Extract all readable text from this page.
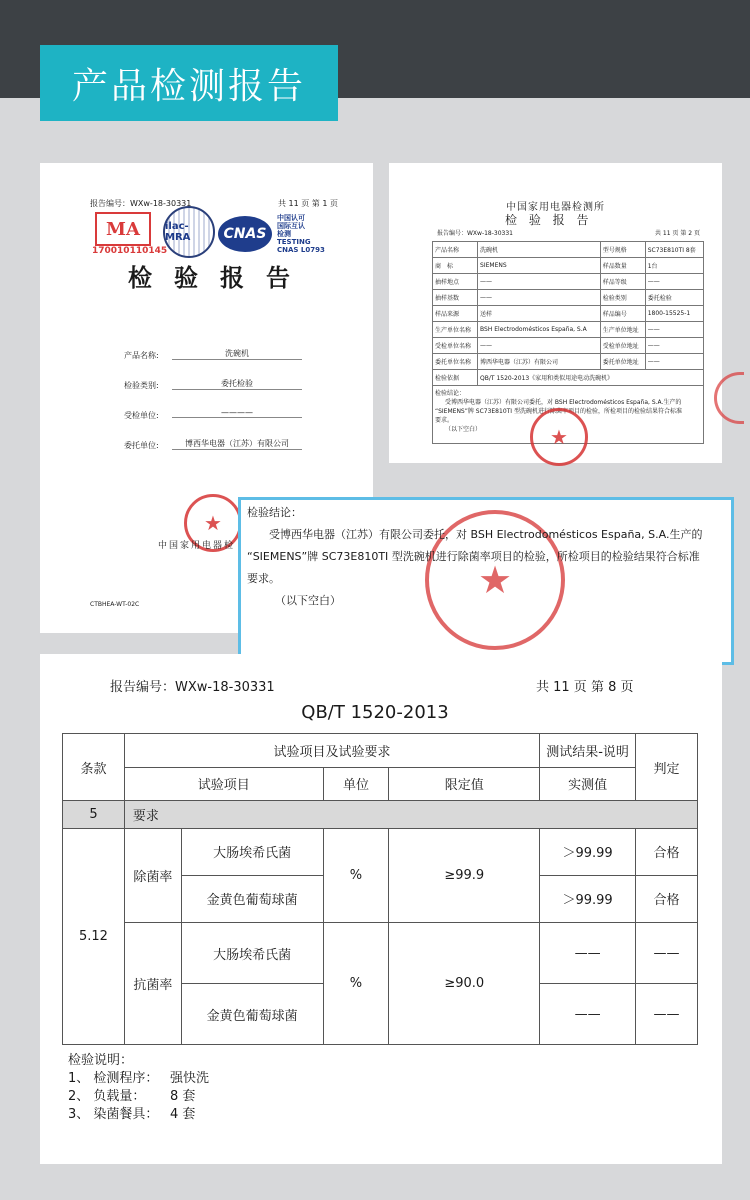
产品检测报告
报告编号：WXw-18-30331	共 11 页 第 1 页
MA
170010110145
ilac-MRA	CNAS
中国认可
国际互认
检测
TESTING
CNAS L0793
检验报告
产品名称:	洗碗机
检验类别:	委托检验
受检单位:	————
委托单位:	博西华电器（江苏）有限公司
★
中国家用电器检
CTBHEA-WT-02C
中国家用电器检测所
检 验 报 告
报告编号：WXw-18-30331	共 11 页 第 2 页
产品名称	洗碗机	型号规格	SC73E810TI 8套
商　标	SIEMENS	样品数量	1台
抽样地点	——	样品等级	——
抽样基数	——	检验类别	委托检验
样品来源	送样	样品编号	1800-15525-1
生产单位名称	BSH Electrodomésticos España, S.A	生产单位地址	——
受检单位名称	——	受检单位地址	——
委托单位名称	博西华电器（江苏）有限公司	委托单位地址	——
检验依据	QB/T 1520-2013《家用和类似用途电动洗碗机》		

检验结论：
受博西华电器（江苏）有限公司委托，对 BSH Electrodomésticos España, S.A.生产的
“SIEMENS”牌 SC73E810TI 型洗碗机进行除菌率项目的检验，所检项目的检验结果符合标准
要求。
（以下空白）				★
★
检验结论：
受博西华电器（江苏）有限公司委托，对 BSH Electrodomésticos España, S.A.生产的
“SIEMENS”牌 SC73E810TI 型洗碗机进行除菌率项目的检验，所检项目的检验结果符合标准
要求。
（以下空白）
报告编号：WXw-18-30331	共 11 页 第 8 页
QB/T 1520-2013
条款	试验项目及试验要求				测试结果-说明	判定
	试验项目		单位	限定值	实测值	
5	要求					
5.12	除菌率	大肠埃希氏菌	%	≥99.9	＞99.99	合格
		金黄色葡萄球菌			＞99.99	合格
	抗菌率	大肠埃希氏菌	%	≥90.0	——	——
		金黄色葡萄球菌			——	——
检验说明：
1、 检测程序： 强快洗
2、 负载量：	8 套
3、 染菌餐具： 4 套
